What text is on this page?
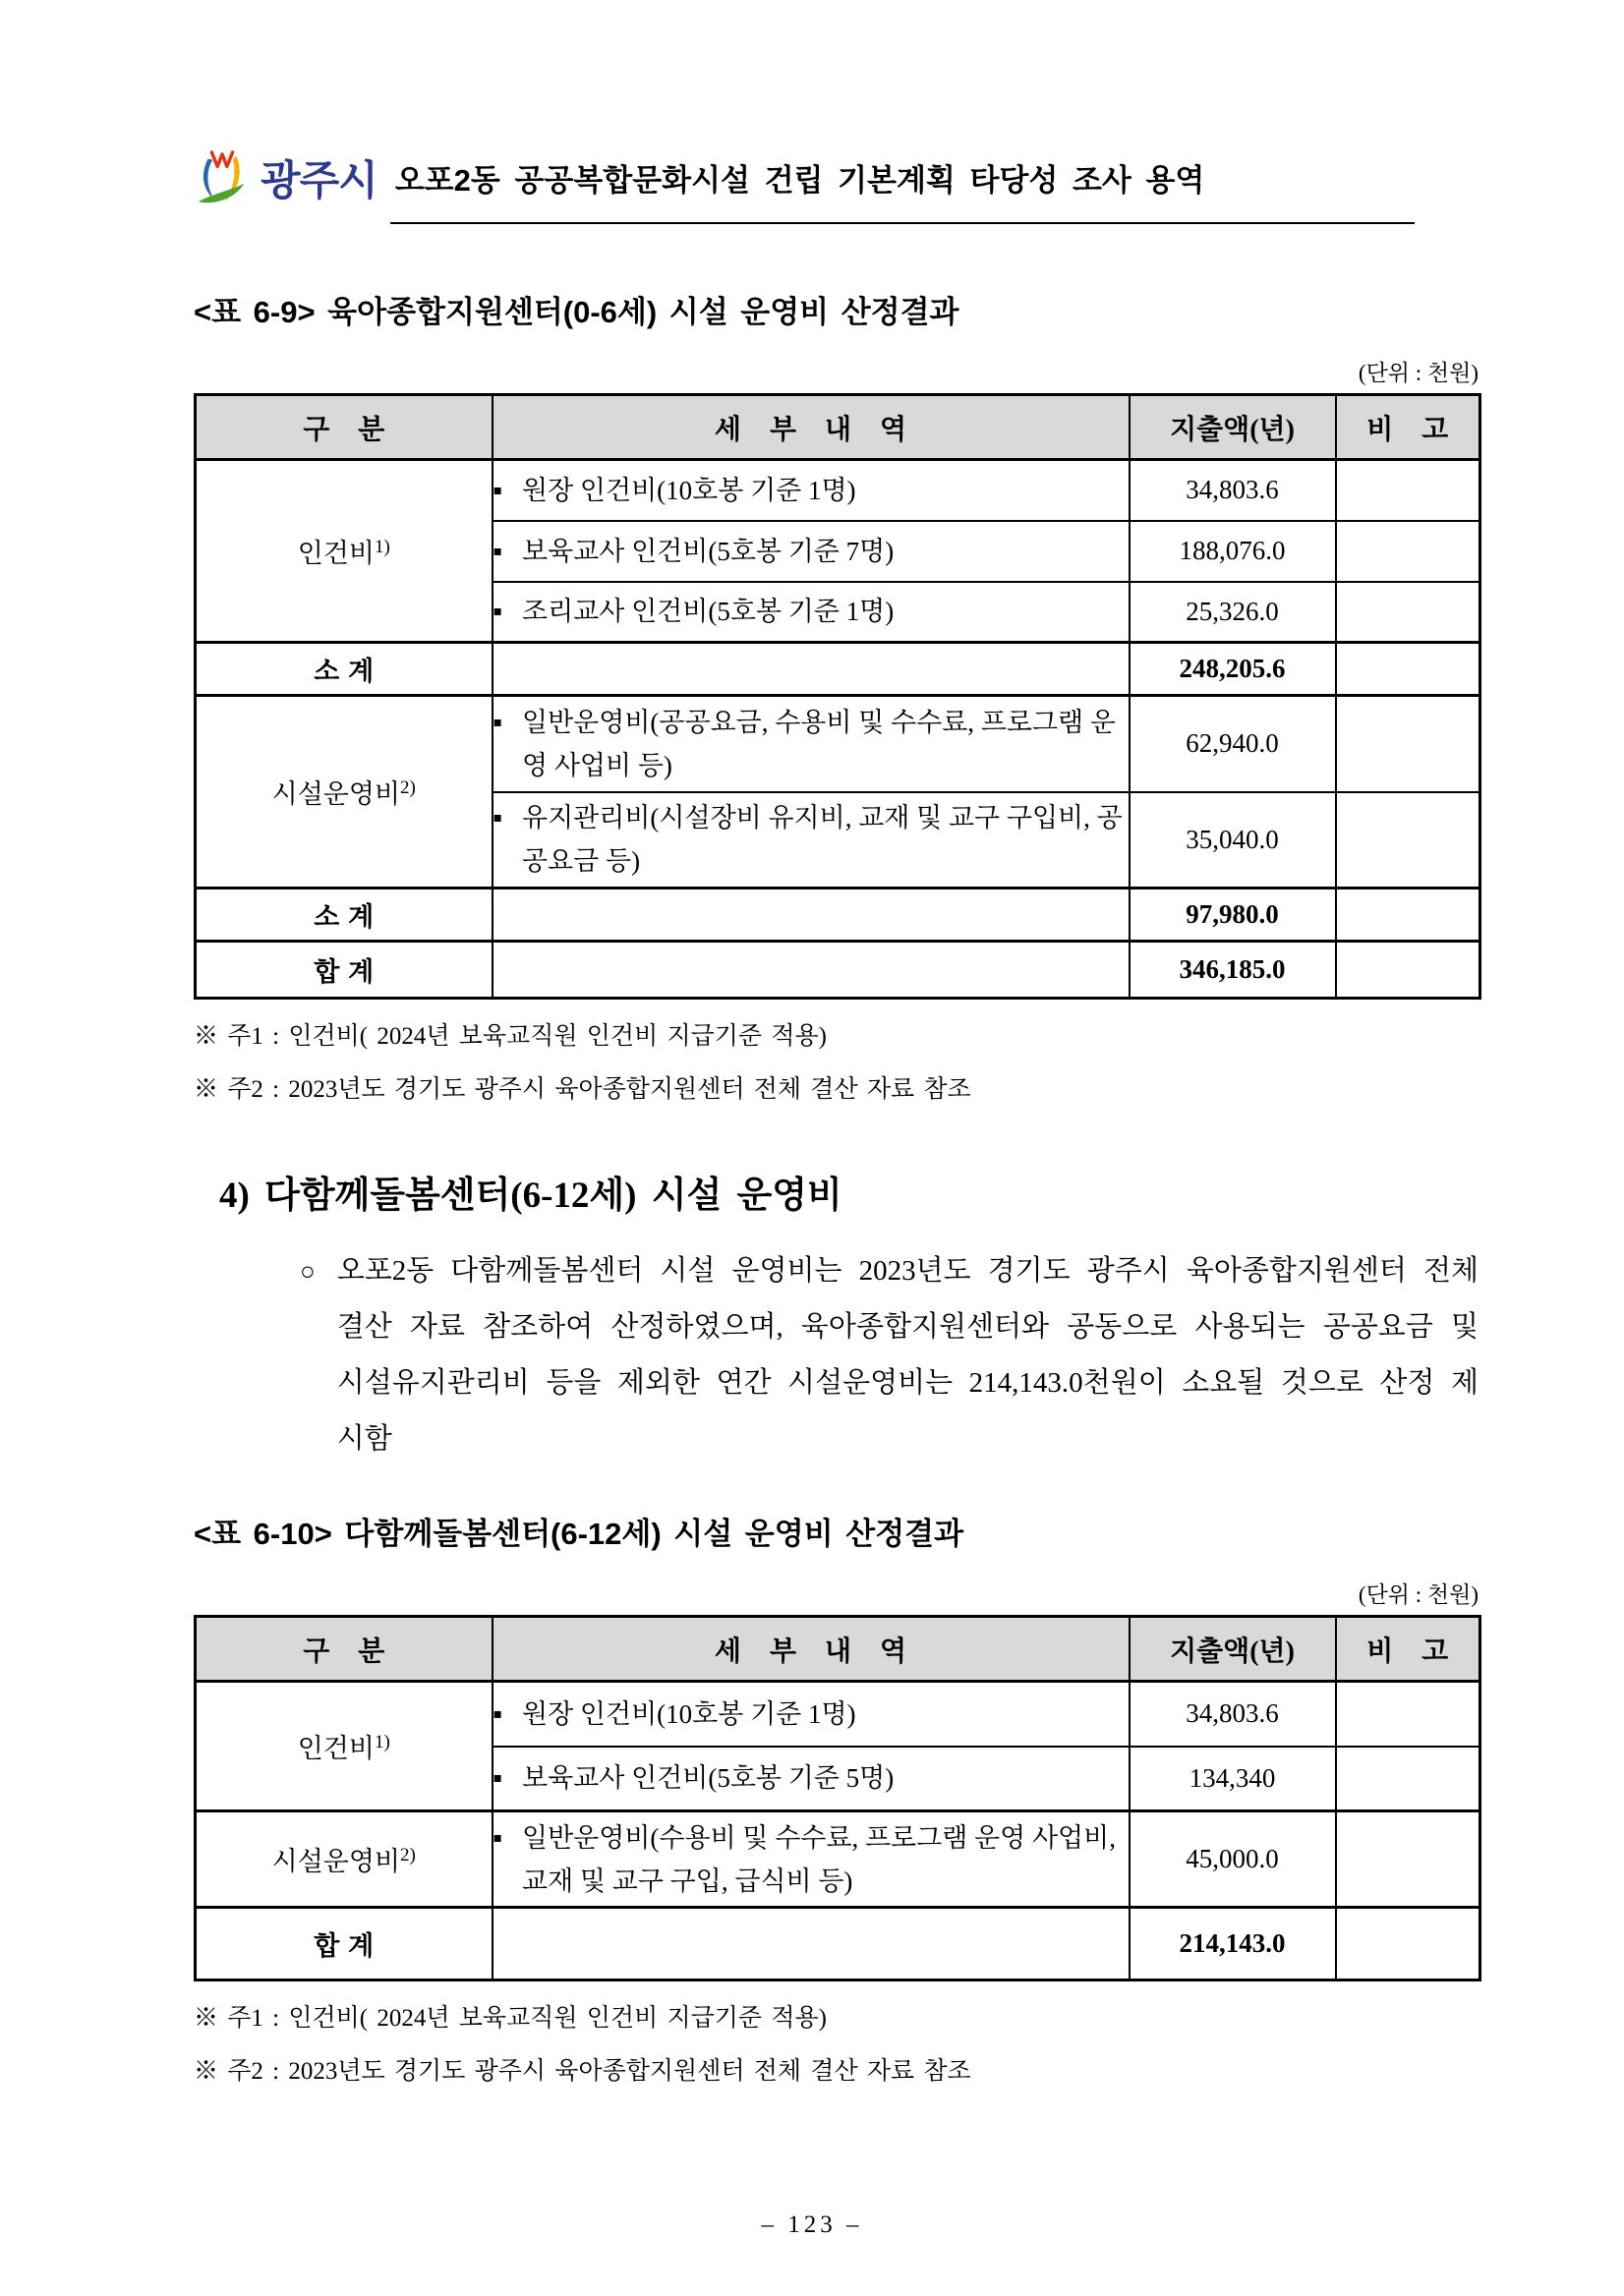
광주시 오포2동 공공복합문화시설 건립 기본계획 타당성 조사 용역
<표 6-9> 육아종합지원센터(0-6세) 시설 운영비 산정결과
(단위 : 천원)
구 분	세 부 내 역	지출액(년)	비 고
인건비$^{1)}$	▪ 원장 인건비(10호봉 기준 1명)	34,803.6	

	▪ 보육교사 인건비(5호봉 기준 7명)	188,076.0	

	▪ 조리교사 인건비(5호봉 기준 1명)	25,326.0	
소 계		248,205.6	
시설운영비$^{2)}$	▪ 일반운영비(공공요금, 수용비 및 수수료, 프로그램 운영 사업비 등)	62,940.0	

	▪ 유지관리비(시설장비 유지비, 교재 및 교구 구입비, 공공요금 등)	35,040.0	
소 계		97,980.0	
합 계		346,185.0	
※ 주1 : 인건비( 2024년 보육교직원 인건비 지급기준 적용)
※ 주2 : 2023년도 경기도 광주시 육아종합지원센터 전체 결산 자료 참조
4) 다함께돌봄센터(6-12세) 시설 운영비
○ 오포2동 다함께돌봄센터 시설 운영비는 2023년도 경기도 광주시 육아종합지원센터 전체 결산 자료 참조하여 산정하였으며, 육아종합지원센터와 공동으로 사용되는 공공요금 및 시설유지관리비 등을 제외한 연간 시설운영비는 214,143.0천원이 소요될 것으로 산정 제시함

<표 6-10> 다함께돌봄센터(6-12세) 시설 운영비 산정결과
(단위 : 천원)
구 분	세 부 내 역	지출액(년)	비 고
인건비$^{1)}$	▪ 원장 인건비(10호봉 기준 1명)	34,803.6	

	▪ 보육교사 인건비(5호봉 기준 5명)	134,340	
시설운영비$^{2)}$	▪ 일반운영비(수용비 및 수수료, 프로그램 운영 사업비, 교재 및 교구 구입, 급식비 등)	45,000.0	
합 계		214,143.0	
※ 주1 : 인건비( 2024년 보육교직원 인건비 지급기준 적용)
※ 주2 : 2023년도 경기도 광주시 육아종합지원센터 전체 결산 자료 참조
– 123 –
